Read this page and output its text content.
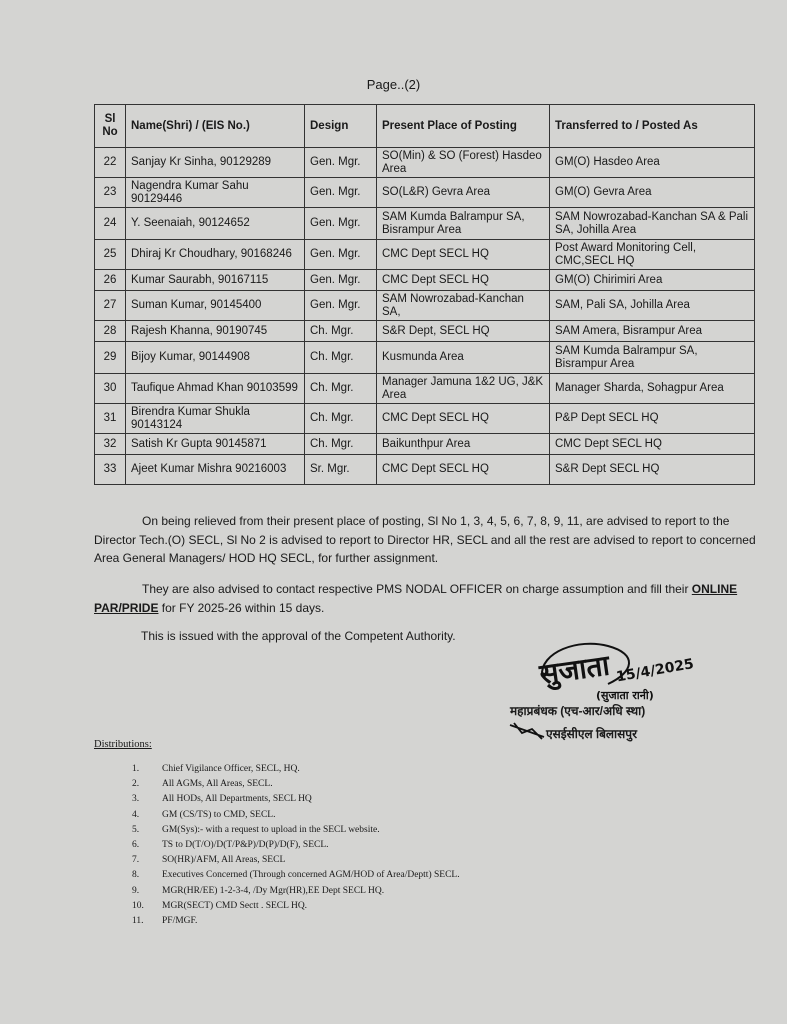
Page..(2)
Sl No	Name(Shri) / (EIS No.)	Design	Present Place of Posting	Transferred to / Posted As
22	Sanjay Kr Sinha, 90129289	Gen. Mgr.	SO(Min) & SO (Forest) Hasdeo Area	GM(O) Hasdeo Area
23	Nagendra Kumar Sahu 90129446	Gen. Mgr.	SO(L&R) Gevra Area	GM(O) Gevra Area
24	Y. Seenaiah, 90124652	Gen. Mgr.	SAM Kumda Balrampur SA, Bisrampur Area	SAM Nowrozabad-Kanchan SA & Pali SA, Johilla Area
25	Dhiraj Kr Choudhary, 90168246	Gen. Mgr.	CMC Dept SECL HQ	Post Award Monitoring Cell, CMC,SECL HQ
26	Kumar Saurabh, 90167115	Gen. Mgr.	CMC Dept SECL HQ	GM(O) Chirimiri Area
27	Suman Kumar, 90145400	Gen. Mgr.	SAM Nowrozabad-Kanchan SA,	SAM, Pali SA, Johilla Area
28	Rajesh Khanna, 90190745	Ch. Mgr.	S&R Dept, SECL HQ	SAM Amera, Bisrampur Area
29	Bijoy Kumar, 90144908	Ch. Mgr.	Kusmunda Area	SAM Kumda Balrampur SA, Bisrampur Area
30	Taufique Ahmad Khan 90103599	Ch. Mgr.	Manager Jamuna 1&2 UG, J&K Area	Manager Sharda, Sohagpur Area
31	Birendra Kumar Shukla 90143124	Ch. Mgr.	CMC Dept SECL HQ	P&P Dept SECL HQ
32	Satish Kr Gupta 90145871	Ch. Mgr.	Baikunthpur Area	CMC Dept SECL HQ
33	Ajeet Kumar Mishra 90216003	Sr. Mgr.	CMC Dept SECL HQ	S&R Dept SECL HQ
On being relieved from their present place of posting, Sl No 1, 3, 4, 5, 6, 7, 8, 9, 11, are advised to report to the Director Tech.(O) SECL, Sl No 2 is advised to report to Director HR, SECL and all the rest are advised to report to concerned Area General Managers/ HOD HQ SECL, for further assignment.
They are also advised to contact respective PMS NODAL OFFICER on charge assumption and fill their ONLINE PAR/PRIDE for FY 2025-26 within 15 days.
This is issued with the approval of the Competent Authority.
सुजाता 15/4/2025
(सुजाता रानी)
महाप्रबंधक (एच-आर/अधि स्था)
एसईसीएल बिलासपुर
Distributions:
1. Chief Vigilance Officer, SECL, HQ.
2. All AGMs, All Areas, SECL.
3. All HODs, All Departments, SECL HQ
4. GM (CS/TS) to CMD, SECL.
5. GM(Sys):- with a request to upload in the SECL website.
6. TS to D(T/O)/D(T/P&P)/D(P)/D(F), SECL.
7. SO(HR)/AFM, All Areas, SECL
8. Executives Concerned (Through concerned AGM/HOD of Area/Deptt) SECL.
9. MGR(HR/EE) 1-2-3-4, /Dy Mgr(HR),EE Dept SECL HQ.
10. MGR(SECT) CMD Sectt . SECL HQ.
11. PF/MGF.
